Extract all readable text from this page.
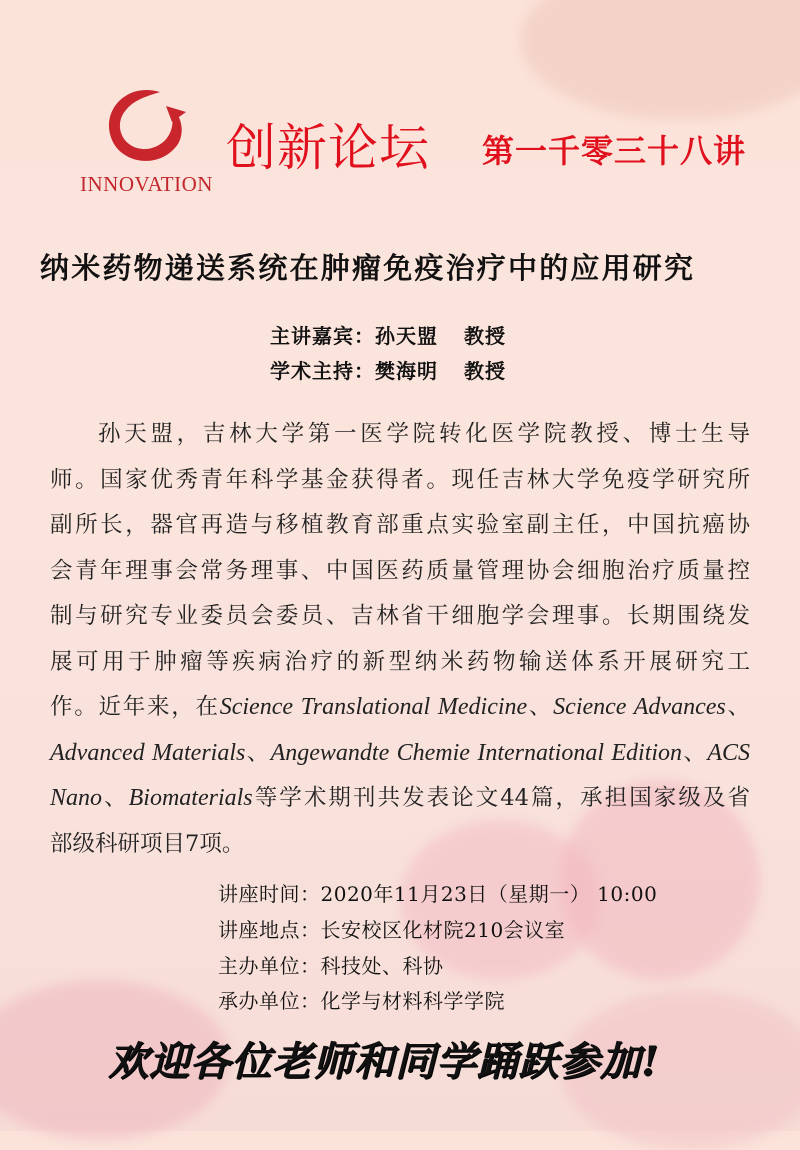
INNOVATION
创新论坛 第一千零三十八讲
纳米药物递送系统在肿瘤免疫治疗中的应用研究
主讲嘉宾：孙天盟 教授
学术主持：樊海明 教授
孙天盟，吉林大学第一医学院转化医学院教授、博士生导
师。国家优秀青年科学基金获得者。现任吉林大学免疫学研究所
副所长，器官再造与移植教育部重点实验室副主任，中国抗癌协
会青年理事会常务理事、中国医药质量管理协会细胞治疗质量控
制与研究专业委员会委员、吉林省干细胞学会理事。长期围绕发
展可用于肿瘤等疾病治疗的新型纳米药物输送体系开展研究工
作。近年来，在Science Translational Medicine、Science Advances、
Advanced Materials、Angewandte Chemie International Edition、ACS
Nano、Biomaterials等学术期刊共发表论文44篇，承担国家级及省
部级科研项目7项。
讲座时间：2020年11月23日（星期一） 10:00
讲座地点：长安校区化材院210会议室
主办单位：科技处、科协
承办单位：化学与材料科学学院
欢迎各位老师和同学踊跃参加!
